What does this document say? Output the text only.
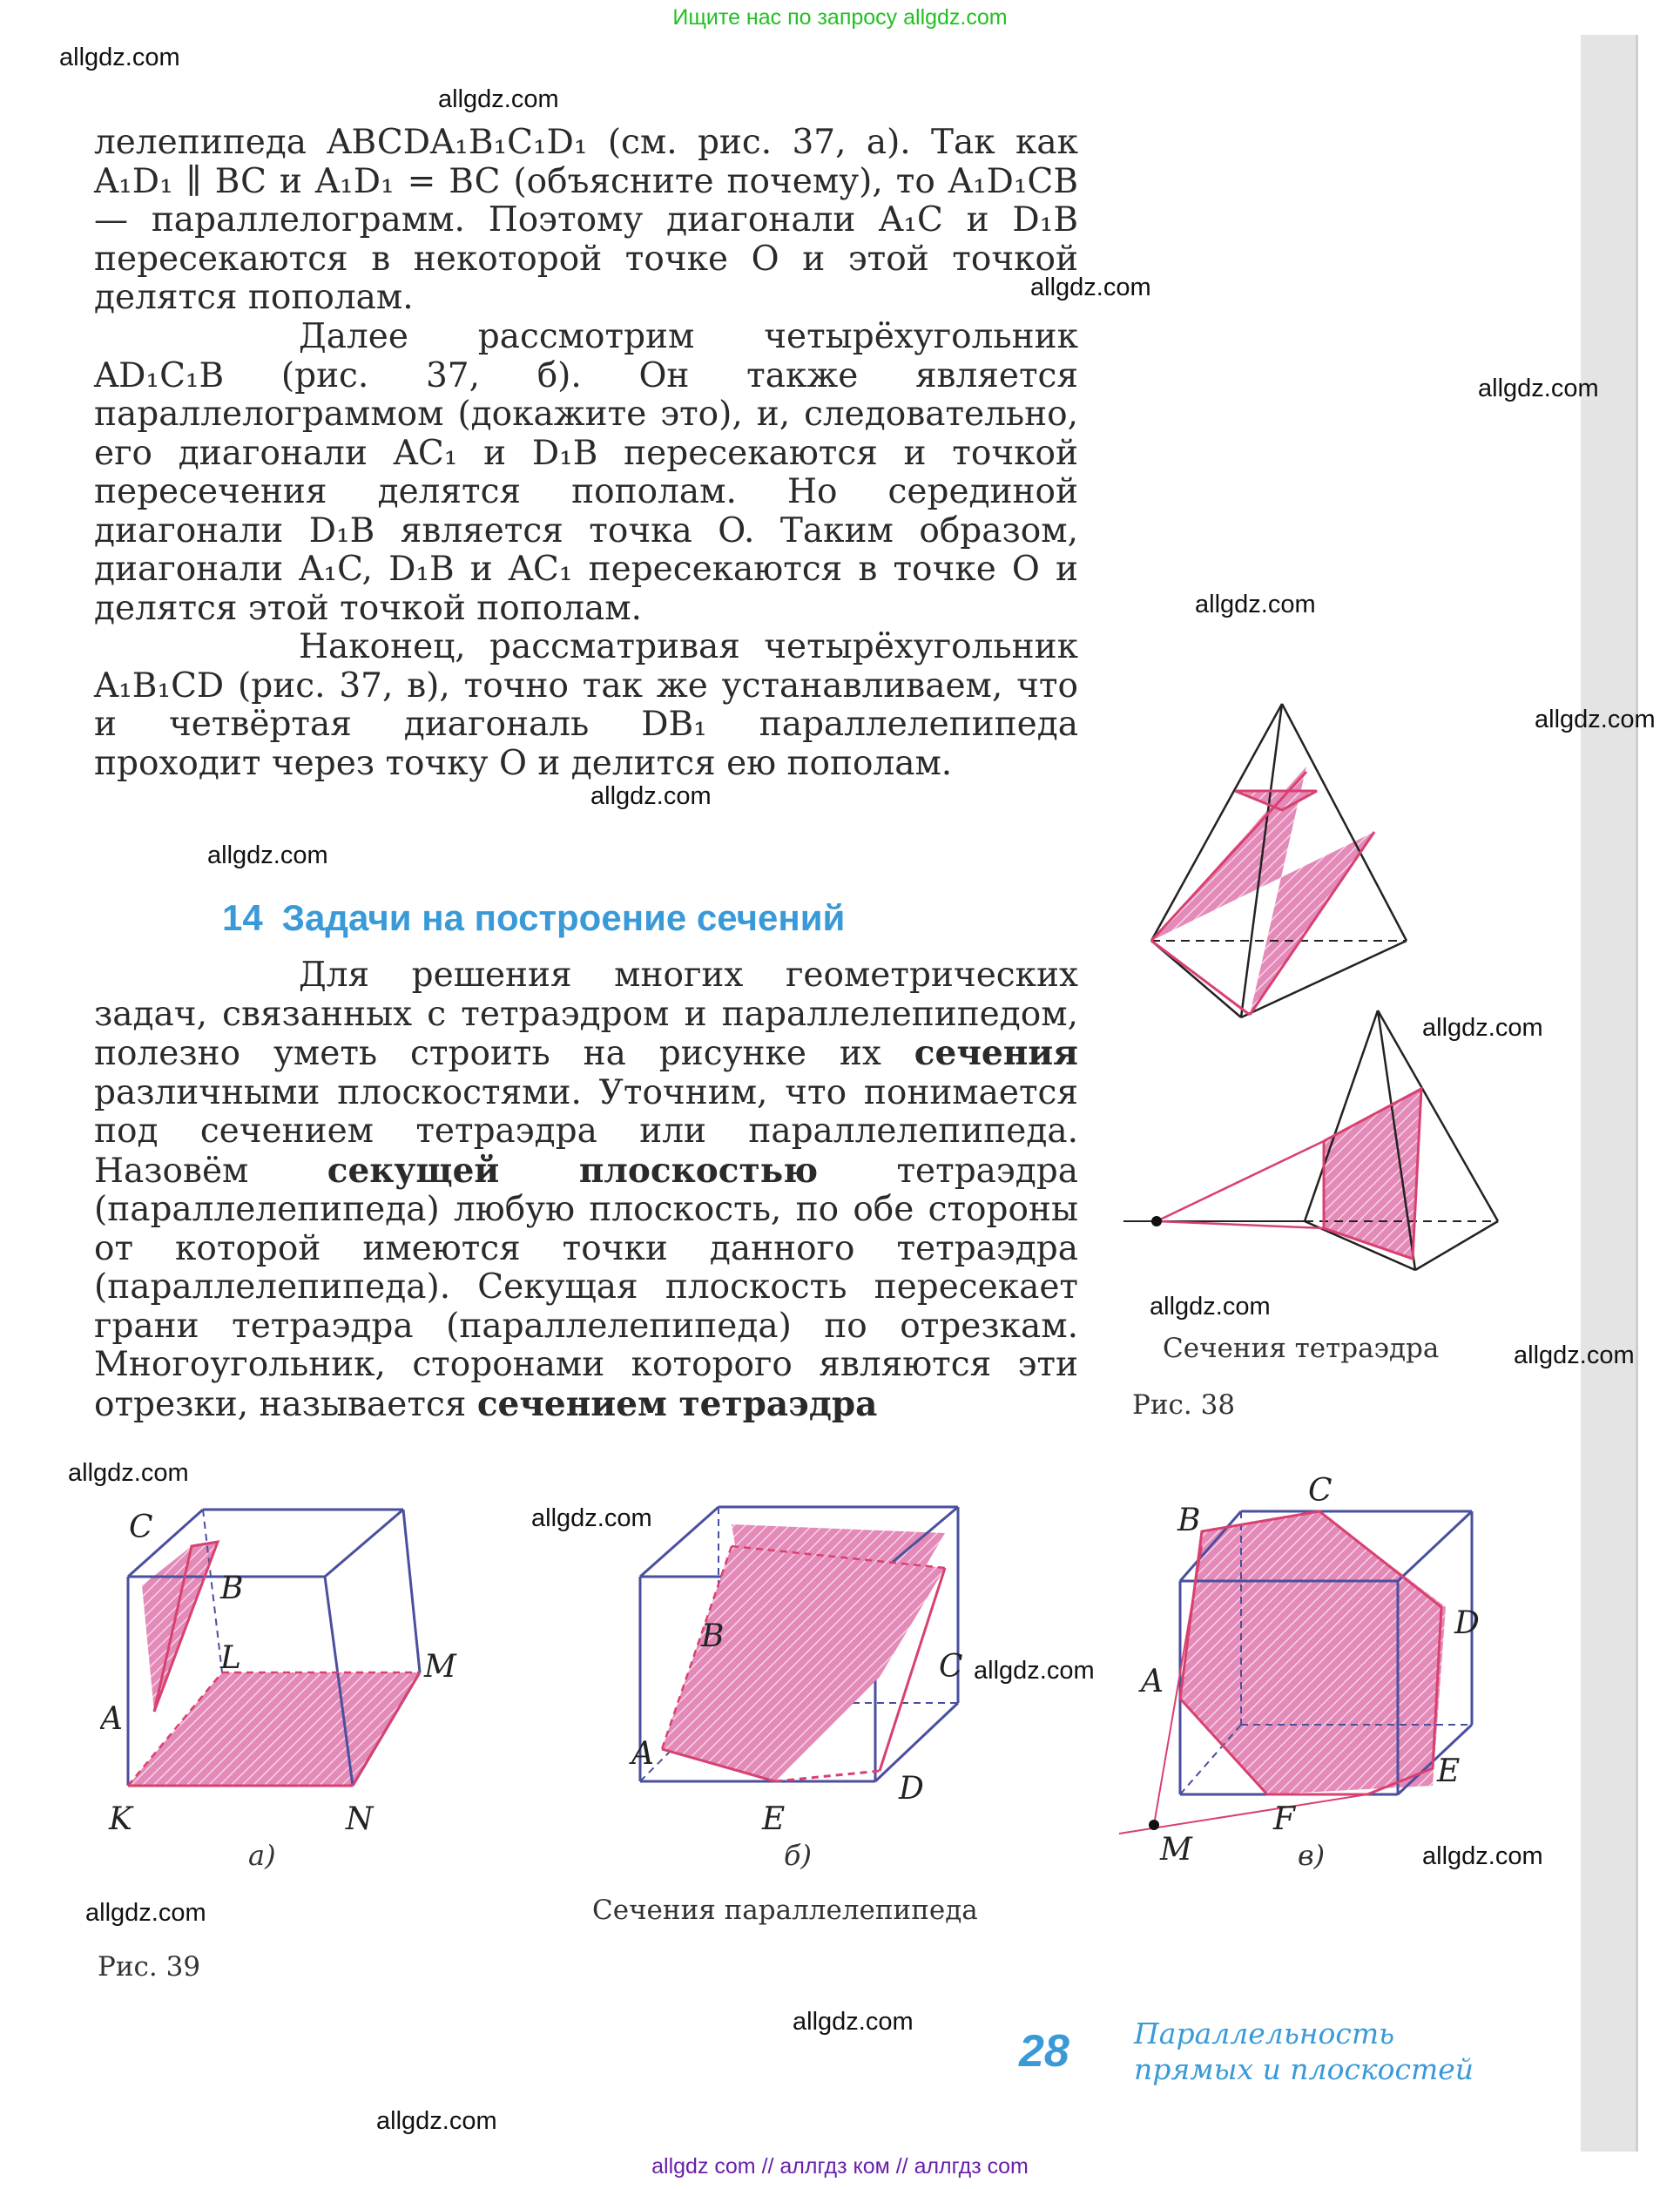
Ищите нас по запросу allgdz.com
allgdz.com
allgdz.com
allgdz.com
allgdz.com
allgdz.com
allgdz.com
allgdz.com
allgdz.com
allgdz.com
allgdz.com
allgdz.com
allgdz.com
allgdz.com
allgdz.com
allgdz.com
allgdz.com
allgdz.com
allgdz.com

лелепипеда ABCDA₁B₁C₁D₁ (см. рис. 37, а). Так как A₁D₁ ∥ BC и A₁D₁ = BC (объясните почему), то A₁D₁CB — параллелограмм. Поэтому диагонали A₁C и D₁B пересекаются в некоторой точке O и этой точкой делятся пополам.

Далее рассмотрим четырёхугольник AD₁C₁B (рис. 37, б). Он также является параллелограммом (докажите это), и, следовательно, его диагонали AC₁ и D₁B пересекаются и точкой пересечения делятся пополам. Но серединой диагонали D₁B является точка O. Таким образом, диагонали A₁C, D₁B и AC₁ пересекаются в точке O и делятся этой точкой пополам.

Наконец, рассматривая четырёхугольник A₁B₁CD (рис. 37, в), точно так же устанавливаем, что и четвёртая диагональ DB₁ параллелепипеда проходит через точку O и делится ею пополам.

14 Задачи на построение сечений

Для решения многих геометрических задач, связанных с тетраэдром и параллелепипедом, полезно уметь строить на рисунке их сечения различными плоскостями. Уточним, что понимается под сечением тетраэдра или параллелепипеда. Назовём секущей плоскостью тетраэдра (параллелепипеда) любую плоскость, по обе стороны от которой имеются точки данного тетраэдра (параллелепипеда). Секущая плоскость пересекает грани тетраэдра (параллелепипеда) по отрезкам. Многоугольник, сторонами которого являются эти отрезки, называется сечением тетраэдра

Сечения тетраэдра
Рис. 38
C
B
L	M
A
K	N
B
C
A
D
E
C
B
D
A
E
F
M
а)	б)	в)
Сечения параллелепипеда
Рис. 39
28 Параллельность
прямых и плоскостей
allgdz com // аллгдз ком // аллгдз com
